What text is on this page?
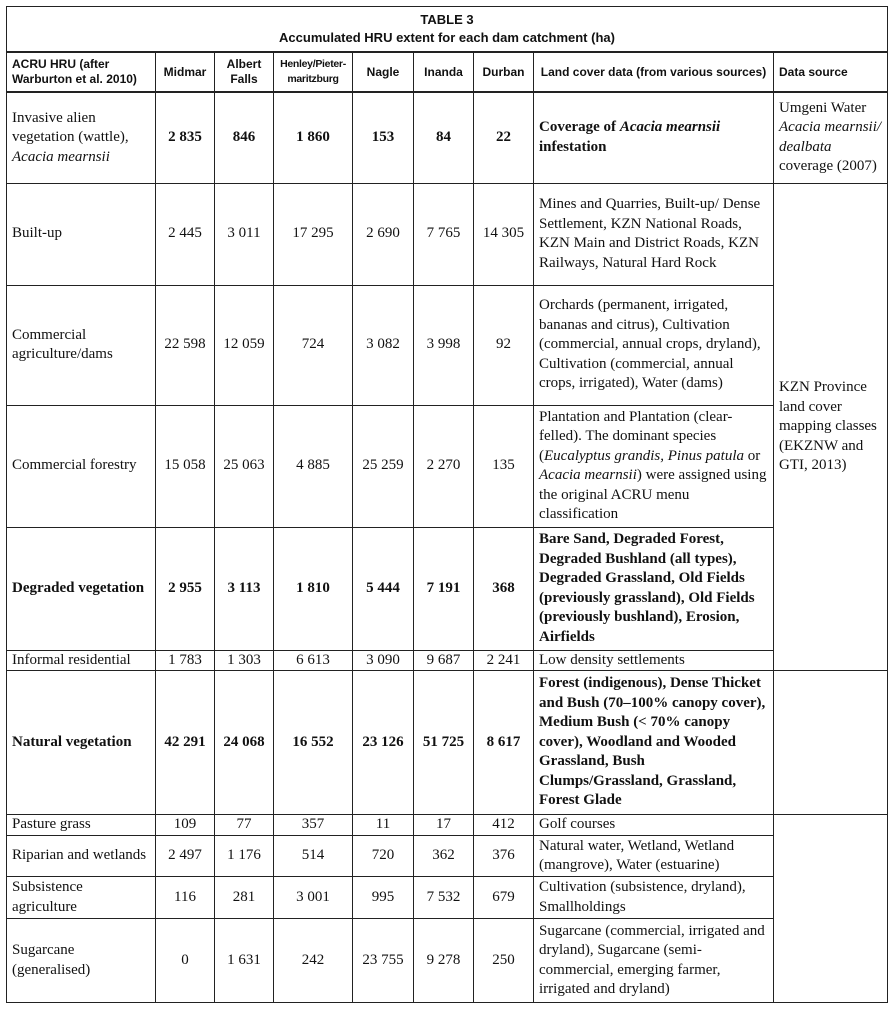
TABLE 3
Accumulated HRU extent for each dam catchment (ha)								

ACRU HRU (after Warburton et al. 2010)	Midmar	Albert Falls	Henley/Pieter-maritzburg	Nagle	Inanda	Durban	Land cover data (from various sources)	Data source
Invasive alien vegetation (wattle), Acacia mearnsii	2 835	846	1 860	153	84	22	Coverage of Acacia mearnsii infestation	Umgeni Water Acacia mearnsii/ dealbata coverage (2007)
Built-up	2 445	3 011	17 295	2 690	7 765	14 305	Mines and Quarries, Built-up/ Dense Settlement, KZN National Roads, KZN Main and District Roads, KZN Railways, Natural Hard Rock	KZN Province land cover mapping classes (EKZNW and GTI, 2013)
Commercial agriculture/dams	22 598	12 059	724	3 082	3 998	92	Orchards (permanent, irrigated, bananas and citrus), Cultivation (commercial, annual crops, dryland), Cultivation (commercial, annual crops, irrigated), Water (dams)	
Commercial forestry	15 058	25 063	4 885	25 259	2 270	135	Plantation and Plantation (clear-felled). The dominant species (Eucalyptus grandis, Pinus patula or Acacia mearnsii) were assigned using the original ACRU menu classification	
Degraded vegetation	2 955	3 113	1 810	5 444	7 191	368	Bare Sand, Degraded Forest, Degraded Bushland (all types), Degraded Grassland, Old Fields (previously grassland), Old Fields (previously bushland), Erosion, Airfields	
Informal residential	1 783	1 303	6 613	3 090	9 687	2 241	Low density settlements	
Natural vegetation	42 291	24 068	16 552	23 126	51 725	8 617	Forest (indigenous), Dense Thicket and Bush (70–100% canopy cover), Medium Bush (< 70% canopy cover), Woodland and Wooded Grassland, Bush Clumps/Grassland, Grassland, Forest Glade	
Pasture grass	109	77	357	11	17	412	Golf courses	
Riparian and wetlands	2 497	1 176	514	720	362	376	Natural water, Wetland, Wetland (mangrove), Water (estuarine)	
Subsistence agriculture	116	281	3 001	995	7 532	679	Cultivation (subsistence, dryland), Smallholdings	
Sugarcane (generalised)	0	1 631	242	23 755	9 278	250	Sugarcane (commercial, irrigated and dryland), Sugarcane (semi-commercial, emerging farmer, irrigated and dryland)	
